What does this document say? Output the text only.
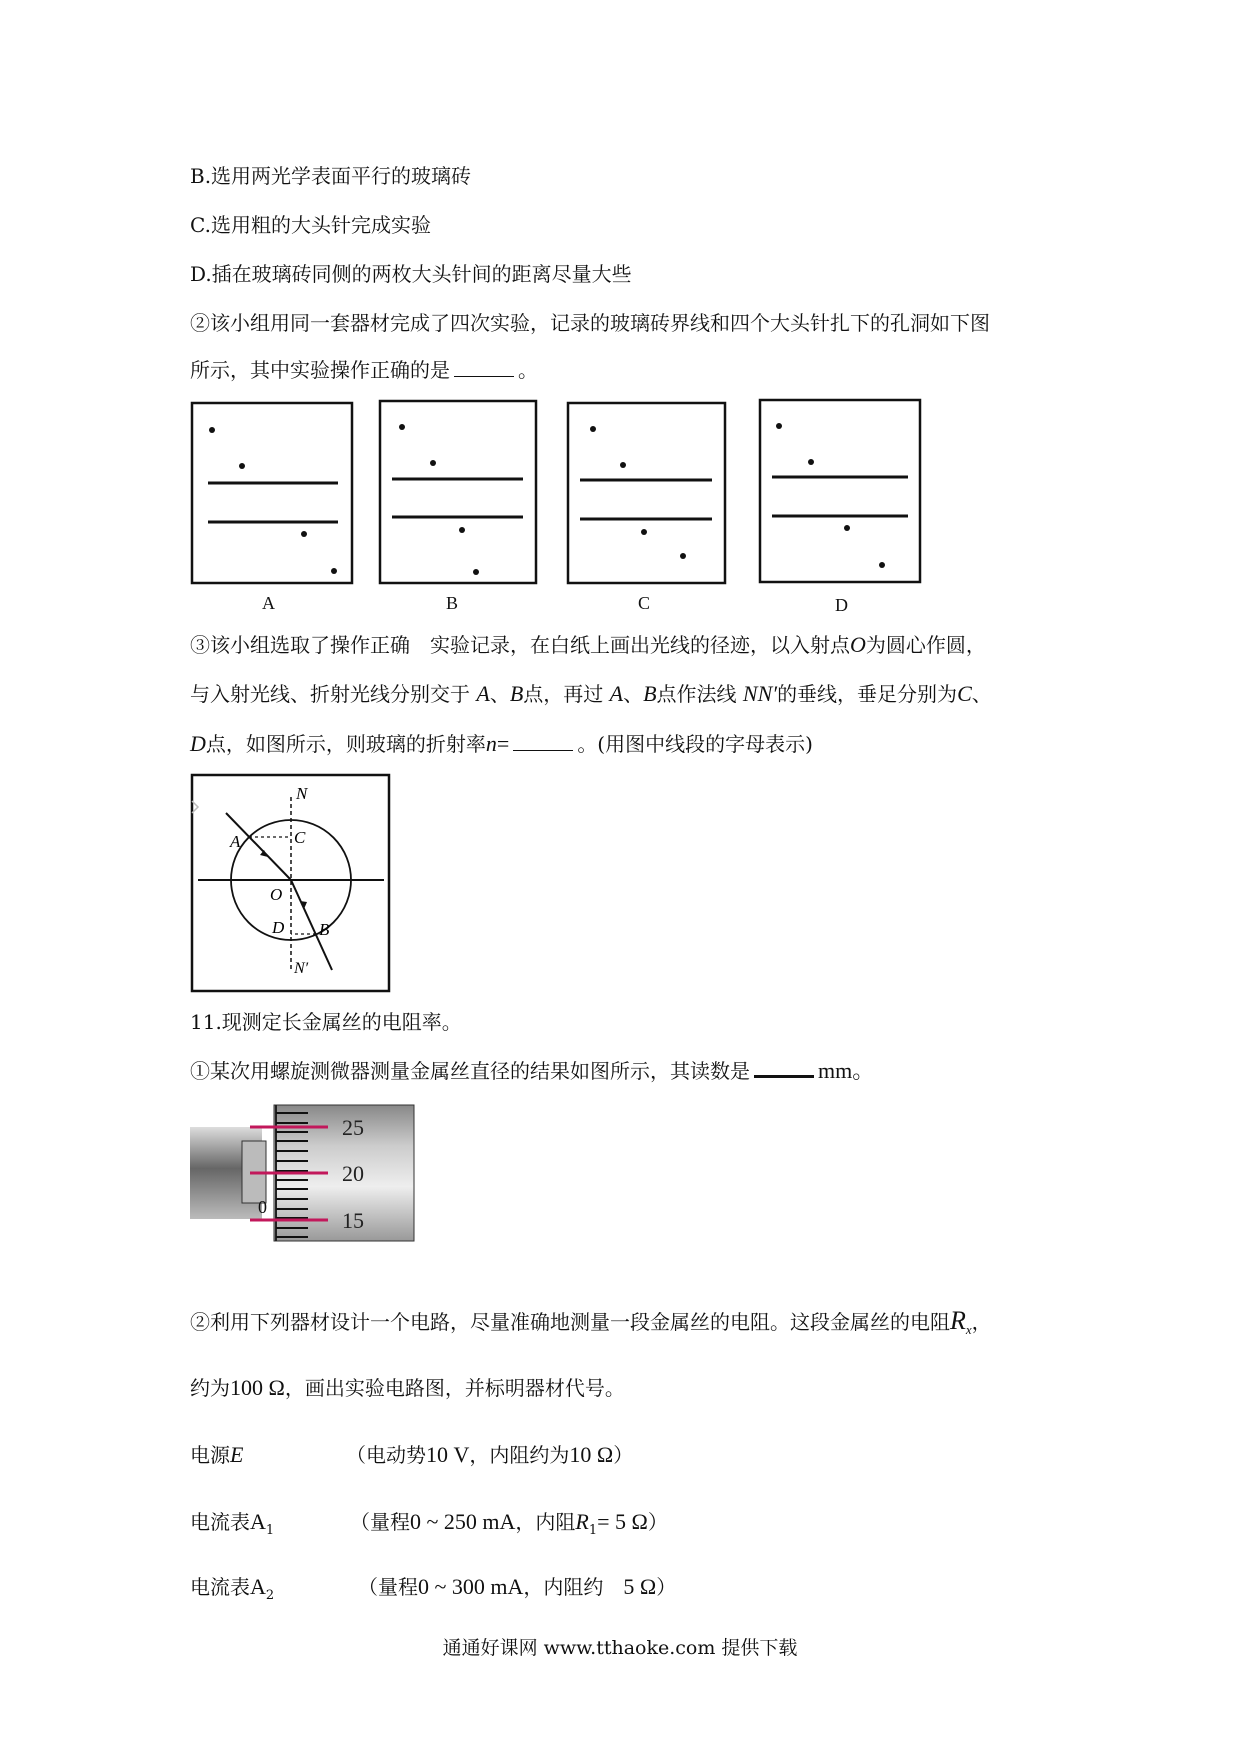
B.选用两光学表面平行的玻璃砖
C.选用粗的大头针完成实验
D.插在玻璃砖同侧的两枚大头针间的距离尽量大些
②该小组用同一套器材完成了四次实验，记录的玻璃砖界线和四个大头针扎下的孔洞如下图
所示，其中实验操作正确的是	。
A	B	C	D
③该小组选取了操作正确　实验记录，在白纸上画出光线的径迹，以入射点O为圆心作圆，
与入射光线、折射光线分别交于 A、B点，再过 A、B点作法线 NN′的垂线，垂足分别为C、
D点，如图所示，则玻璃的折射率n=	。(用图中线段的字母表示)
N
A	C
O
D B
N′
11.现测定长金属丝的电阻率。
①某次用螺旋测微器测量金属丝直径的结果如图所示，其读数是	mm。
25
20
15
0
②利用下列器材设计一个电路，尽量准确地测量一段金属丝的电阻。这段金属丝的电阻$R_x$，
约为100 Ω，画出实验电路图，并标明器材代号。
电源E	（电动势10 V，内阻约为10 Ω）
电流表$A_1$	（量程0 ~ 250 mA，内阻$R_1= 5$ Ω）
电流表$A_2$	（量程0 ~ 300 mA，内阻约　 5 Ω）
通通好课网 www.tthaoke.com 提供下载
